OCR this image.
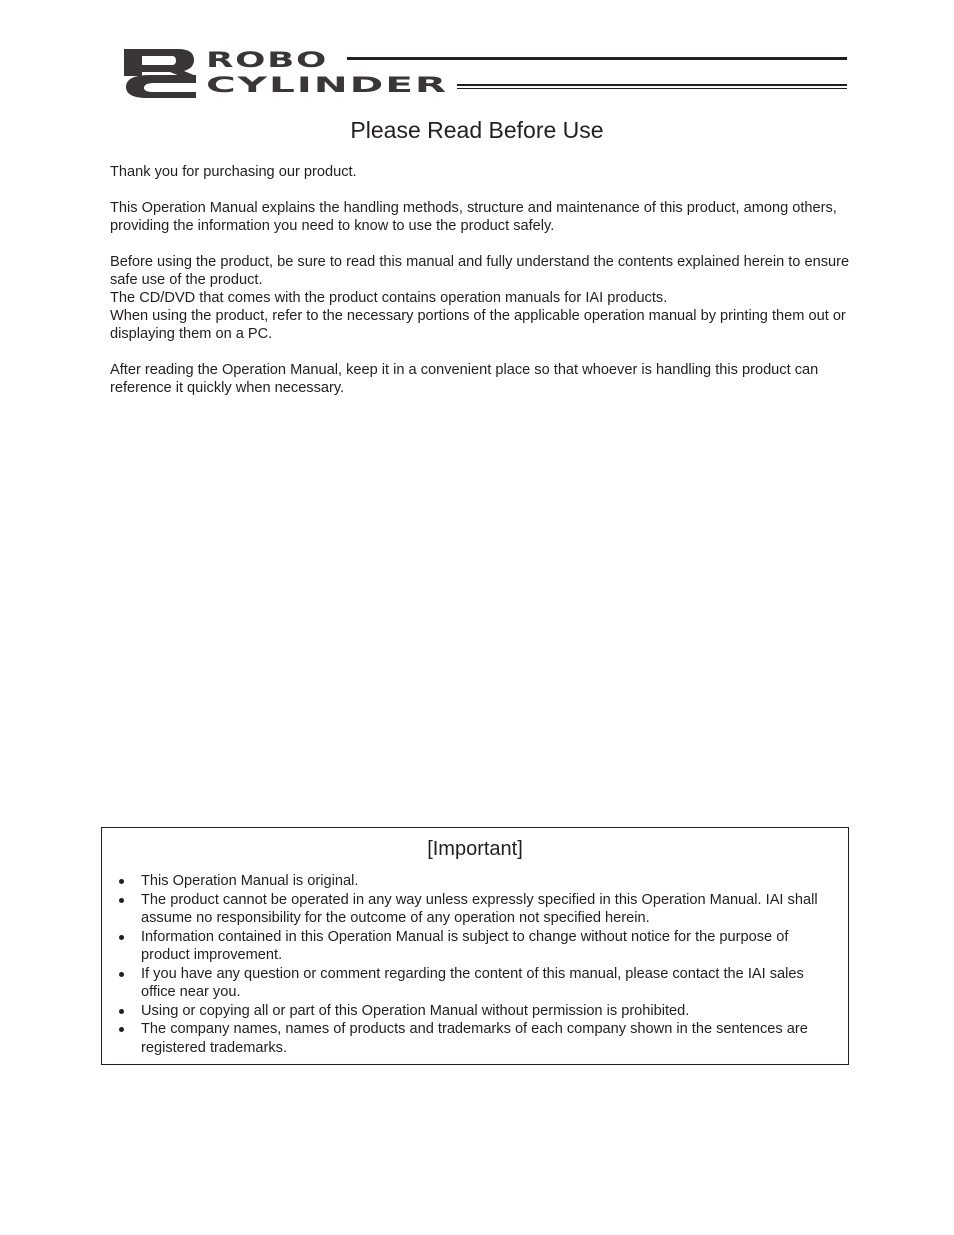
ROBO
CYLINDER
Please Read Before Use

Thank you for purchasing our product.

This Operation Manual explains the handling methods, structure and maintenance of this product, among others, providing the information you need to know to use the product safely.

Before using the product, be sure to read this manual and fully understand the contents explained herein to ensure safe use of the product.
The CD/DVD that comes with the product contains operation manuals for IAI products.
When using the product, refer to the necessary portions of the applicable operation manual by printing them out or displaying them on a PC.

After reading the Operation Manual, keep it in a convenient place so that whoever is handling this product can reference it quickly when necessary.

[Important]
This Operation Manual is original.
The product cannot be operated in any way unless expressly specified in this Operation Manual. IAI shall assume no responsibility for the outcome of any operation not specified herein.
Information contained in this Operation Manual is subject to change without notice for the purpose of product improvement.
If you have any question or comment regarding the content of this manual, please contact the IAI sales office near you.
Using or copying all or part of this Operation Manual without permission is prohibited.
The company names, names of products and trademarks of each company shown in the sentences are registered trademarks.
